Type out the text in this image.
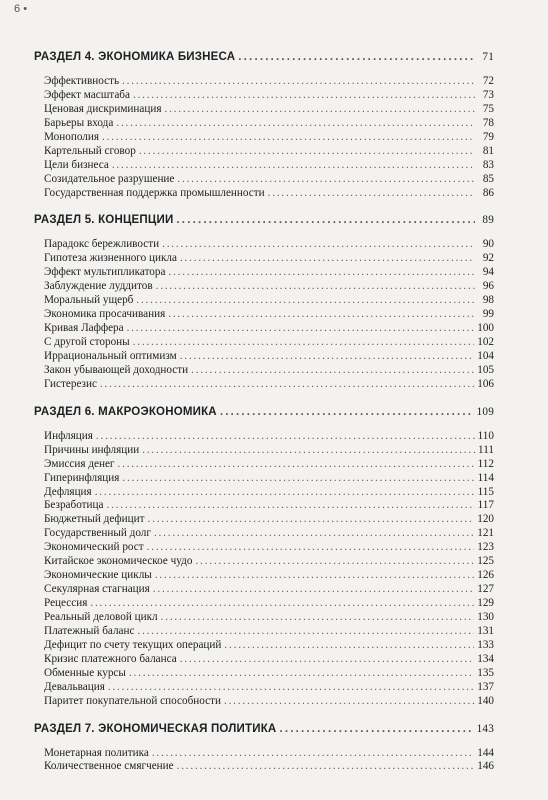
6 •
РАЗДЕЛ 4. ЭКОНОМИКА БИЗНЕСА . . .	71
Эффективность . . .	72
Эффект масштаба . . .	73
Ценовая дискриминация . . .	75
Барьеры входа . . .	78
Монополия . . .	79
Картельный сговор . . .	81
Цели бизнеса . . .	83
Созидательное разрушение . . .	85
Государственная поддержка промышленности . . .	86
РАЗДЕЛ 5. КОНЦЕПЦИИ . . .	89
Парадокс бережливости . . .	90
Гипотеза жизненного цикла . . .	92
Эффект мультипликатора . . .	94
Заблуждение луддитов . . .	96
Моральный ущерб . . .	98
Экономика просачивания . . .	99
Кривая Лаффера . . .	100
С другой стороны . . .	102
Иррациональный оптимизм . . .	104
Закон убывающей доходности . . .	105
Гистерезис . . .	106
РАЗДЕЛ 6. МАКРОЭКОНОМИКА . . .	109
Инфляция . . .	110
Причины инфляции . . .	111
Эмиссия денег . . .	112
Гиперинфляция . . .	114
Дефляция . . .	115
Безработица . . .	117
Бюджетный дефицит . . .	120
Государственный долг . . .	121
Экономический рост . . .	123
Китайское экономическое чудо . . .	125
Экономические циклы . . .	126
Секулярная стагнация . . .	127
Рецессия . . .	129
Реальный деловой цикл . . .	130
Платежный баланс . . .	131
Дефицит по счету текущих операций . . .	133
Кризис платежного баланса . . .	134
Обменные курсы . . .	135
Девальвация . . .	137
Паритет покупательной способности . . .	140
РАЗДЕЛ 7. ЭКОНОМИЧЕСКАЯ ПОЛИТИКА . . .	143
Монетарная политика . . .	144
Количественное смягчение . . .	146
